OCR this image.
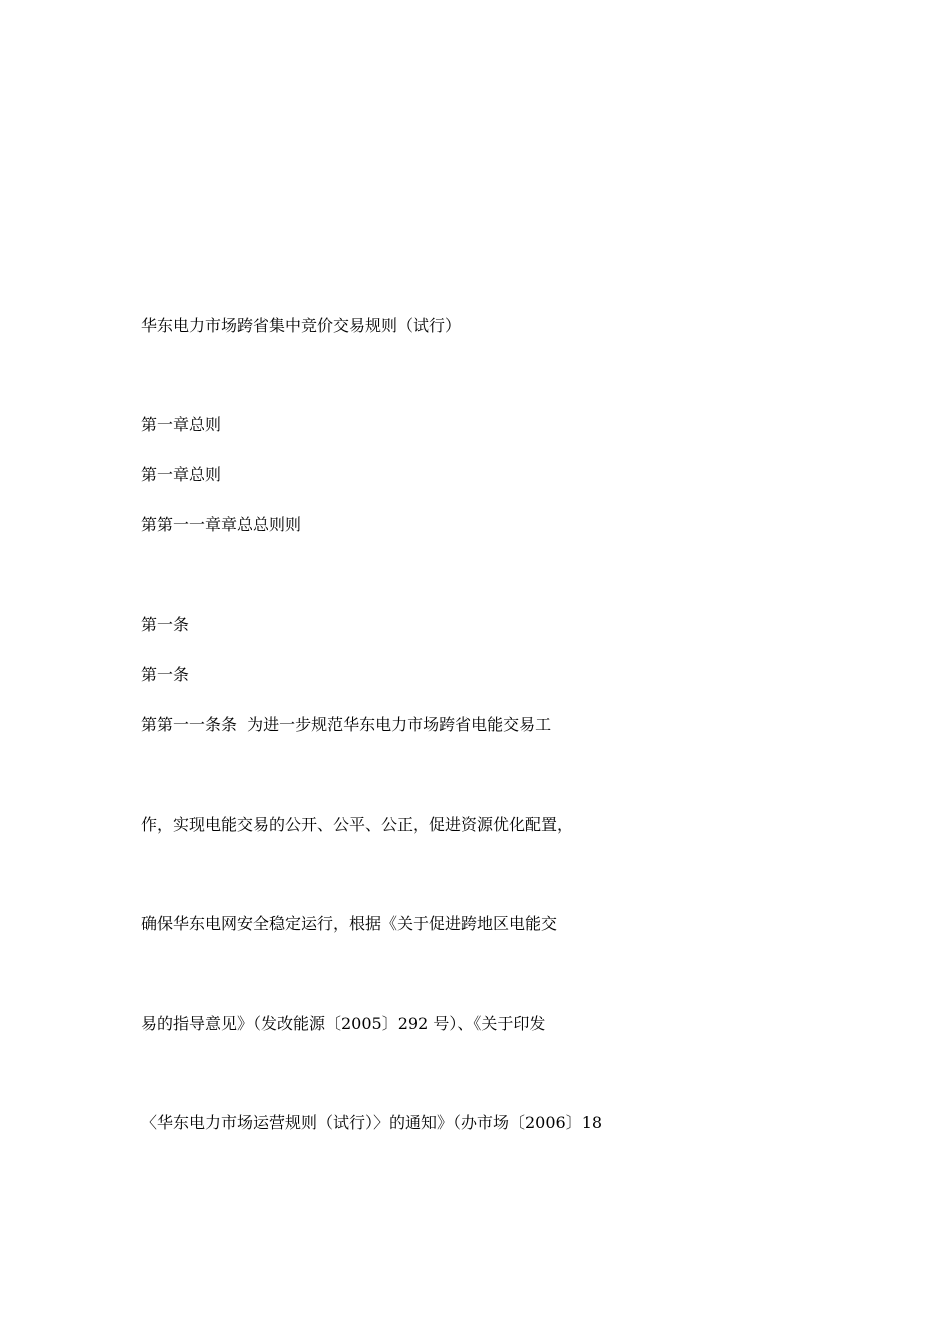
华东电力市场跨省集中竞价交易规则（试行）
第一章总则
第一章总则
第第一一章章总总则则
第一条
第一条
第第一一条条  为进一步规范华东电力市场跨省电能交易工
作，实现电能交易的公开、公平、公正，促进资源优化配置，
确保华东电网安全稳定运行，根据《关于促进跨地区电能交
易的指导意见》（发改能源〔2005〕292 号）、《关于印发
〈华东电力市场运营规则（试行）〉的通知》（办市场〔2006〕18
